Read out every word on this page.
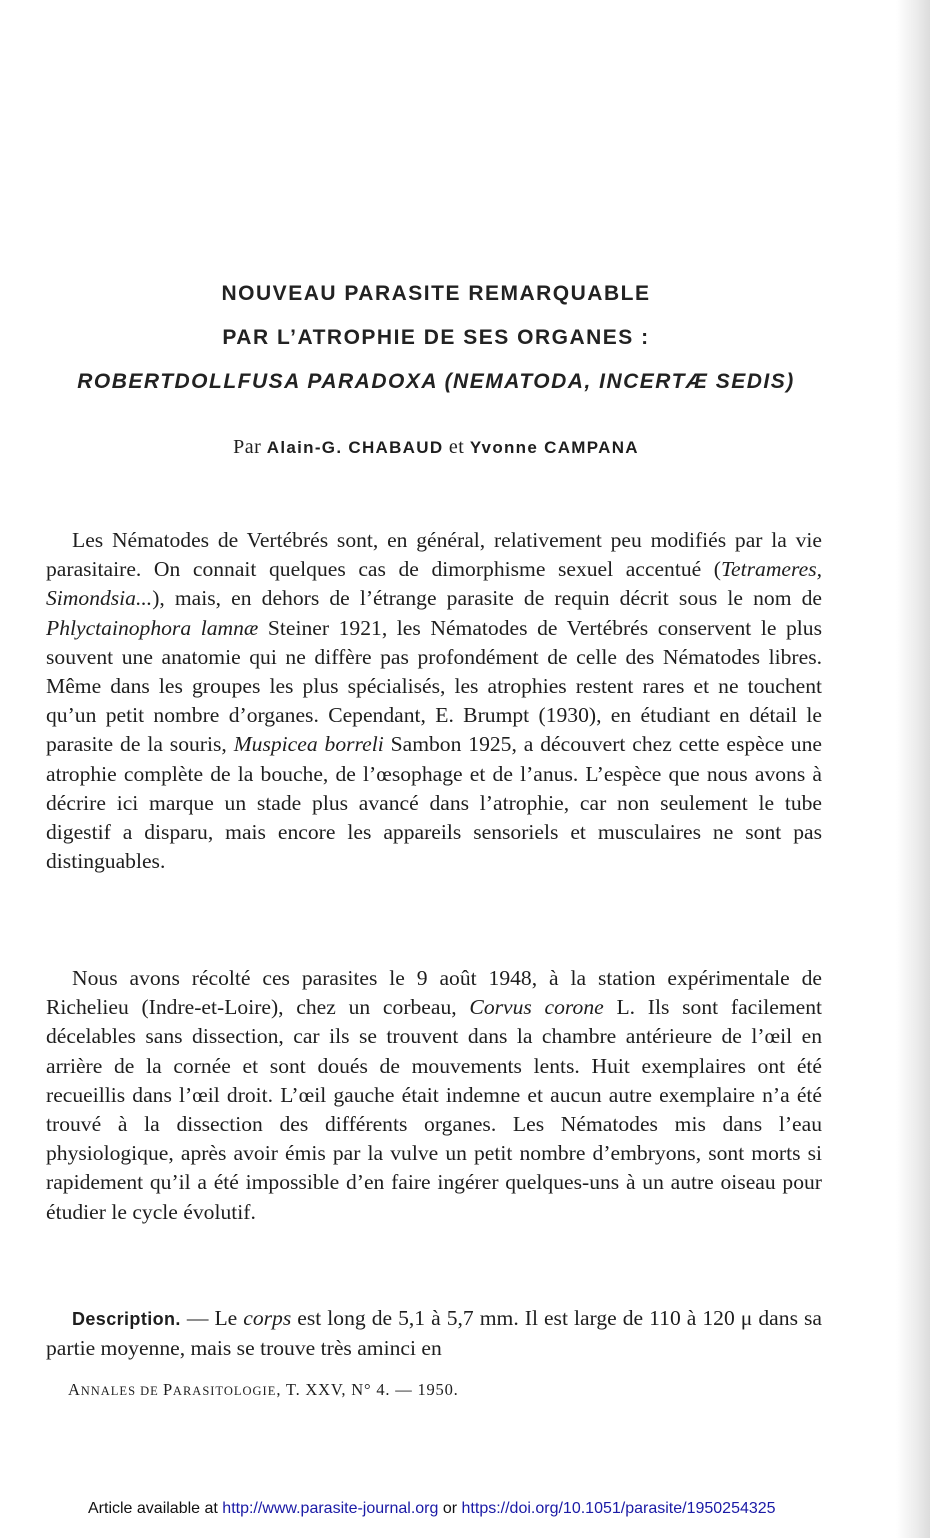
NOUVEAU PARASITE REMARQUABLE
PAR L’ATROPHIE DE SES ORGANES :
ROBERTDOLLFUSA PARADOXA (NEMATODA, INCERTÆ SEDIS)
Par Alain-G. CHABAUD et Yvonne CAMPANA

Les Nématodes de Vertébrés sont, en général, relativement peu modifiés par la vie parasitaire. On connait quelques cas de dimorphisme sexuel accentué (Tetrameres, Simondsia...), mais, en dehors de l’étrange parasite de requin décrit sous le nom de Phlyctainophora lamnæ Steiner 1921, les Nématodes de Vertébrés conservent le plus souvent une anatomie qui ne diffère pas profondément de celle des Nématodes libres. Même dans les groupes les plus spécialisés, les atrophies restent rares et ne touchent qu’un petit nombre d’organes. Cependant, E. Brumpt (1930), en étudiant en détail le parasite de la souris, Muspicea borreli Sambon 1925, a découvert chez cette espèce une atrophie complète de la bouche, de l’œsophage et de l’anus. L’espèce que nous avons à décrire ici marque un stade plus avancé dans l’atrophie, car non seulement le tube digestif a disparu, mais encore les appareils sensoriels et musculaires ne sont pas distinguables.

Nous avons récolté ces parasites le 9 août 1948, à la station expérimentale de Richelieu (Indre-et-Loire), chez un corbeau, Corvus corone L. Ils sont facilement décelables sans dissection, car ils se trouvent dans la chambre antérieure de l’œil en arrière de la cornée et sont doués de mouvements lents. Huit exemplaires ont été recueillis dans l’œil droit. L’œil gauche était indemne et aucun autre exemplaire n’a été trouvé à la dissection des différents organes. Les Nématodes mis dans l’eau physiologique, après avoir émis par la vulve un petit nombre d’embryons, sont morts si rapidement qu’il a été impossible d’en faire ingérer quelques-uns à un autre oiseau pour étudier le cycle évolutif.

Description. — Le corps est long de 5,1 à 5,7 mm. Il est large de 110 à 120 μ dans sa partie moyenne, mais se trouve très aminci en

ANNALES DE PARASITOLOGIE, T. XXV, N° 4. — 1950.
Article available at http://www.parasite-journal.org or https://doi.org/10.1051/parasite/1950254325
